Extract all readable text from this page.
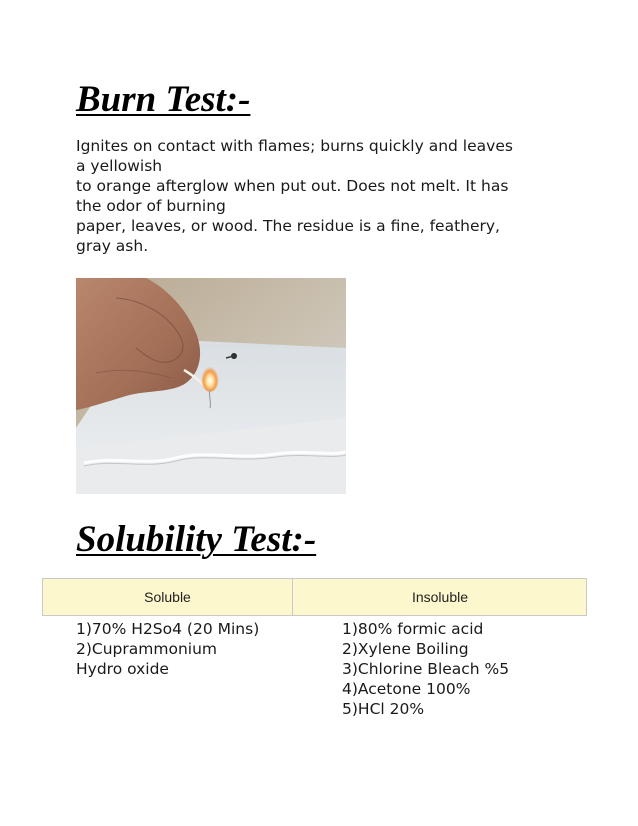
Burn Test:-

Ignites on contact with flames; burns quickly and leaves
a yellowish
to orange afterglow when put out. Does not melt. It has
the odor of burning
paper, leaves, or wood. The residue is a fine, feathery,
gray ash.

Solubility Test:-
Soluble	Insoluble
1)70% H2So4 (20 Mins)
2)Cuprammonium
Hydro oxide
1)80% formic acid
2)Xylene Boiling
3)Chlorine Bleach %5
4)Acetone 100%
5)HCl 20%
